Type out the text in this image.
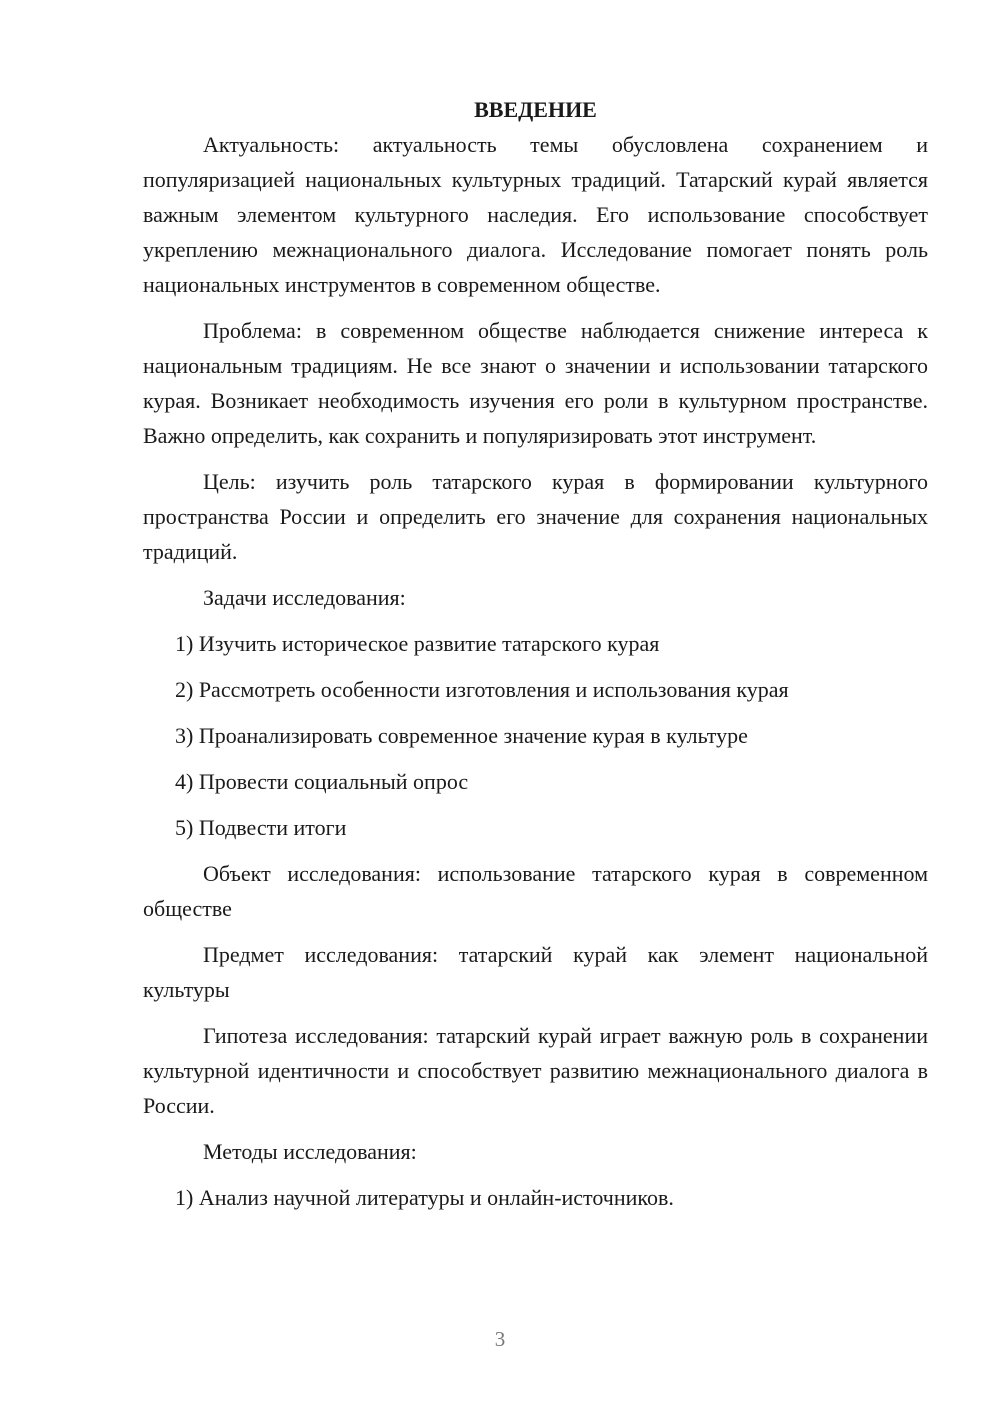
ВВЕДЕНИЕ

Актуальность: актуальность темы обусловлена сохранением и популяризацией национальных культурных традиций. Татарский курай является важным элементом культурного наследия. Его использование способствует укреплению межнационального диалога. Исследование помогает понять роль национальных инструментов в современном обществе.

Проблема: в современном обществе наблюдается снижение интереса к национальным традициям. Не все знают о значении и использовании татарского курая. Возникает необходимость изучения его роли в культурном пространстве. Важно определить, как сохранить и популяризировать этот инструмент.

Цель: изучить роль татарского курая в формировании культурного пространства России и определить его значение для сохранения национальных традиций.

Задачи исследования:

1) Изучить историческое развитие татарского курая

2) Рассмотреть особенности изготовления и использования курая

3) Проанализировать современное значение курая в культуре

4) Провести социальный опрос

5) Подвести итоги

Объект исследования: использование татарского курая в современном обществе

Предмет исследования: татарский курай как элемент национальной культуры

Гипотеза исследования: татарский курай играет важную роль в сохранении культурной идентичности и способствует развитию межнационального диалога в России.

Методы исследования:

1) Анализ научной литературы и онлайн-источников.

3
